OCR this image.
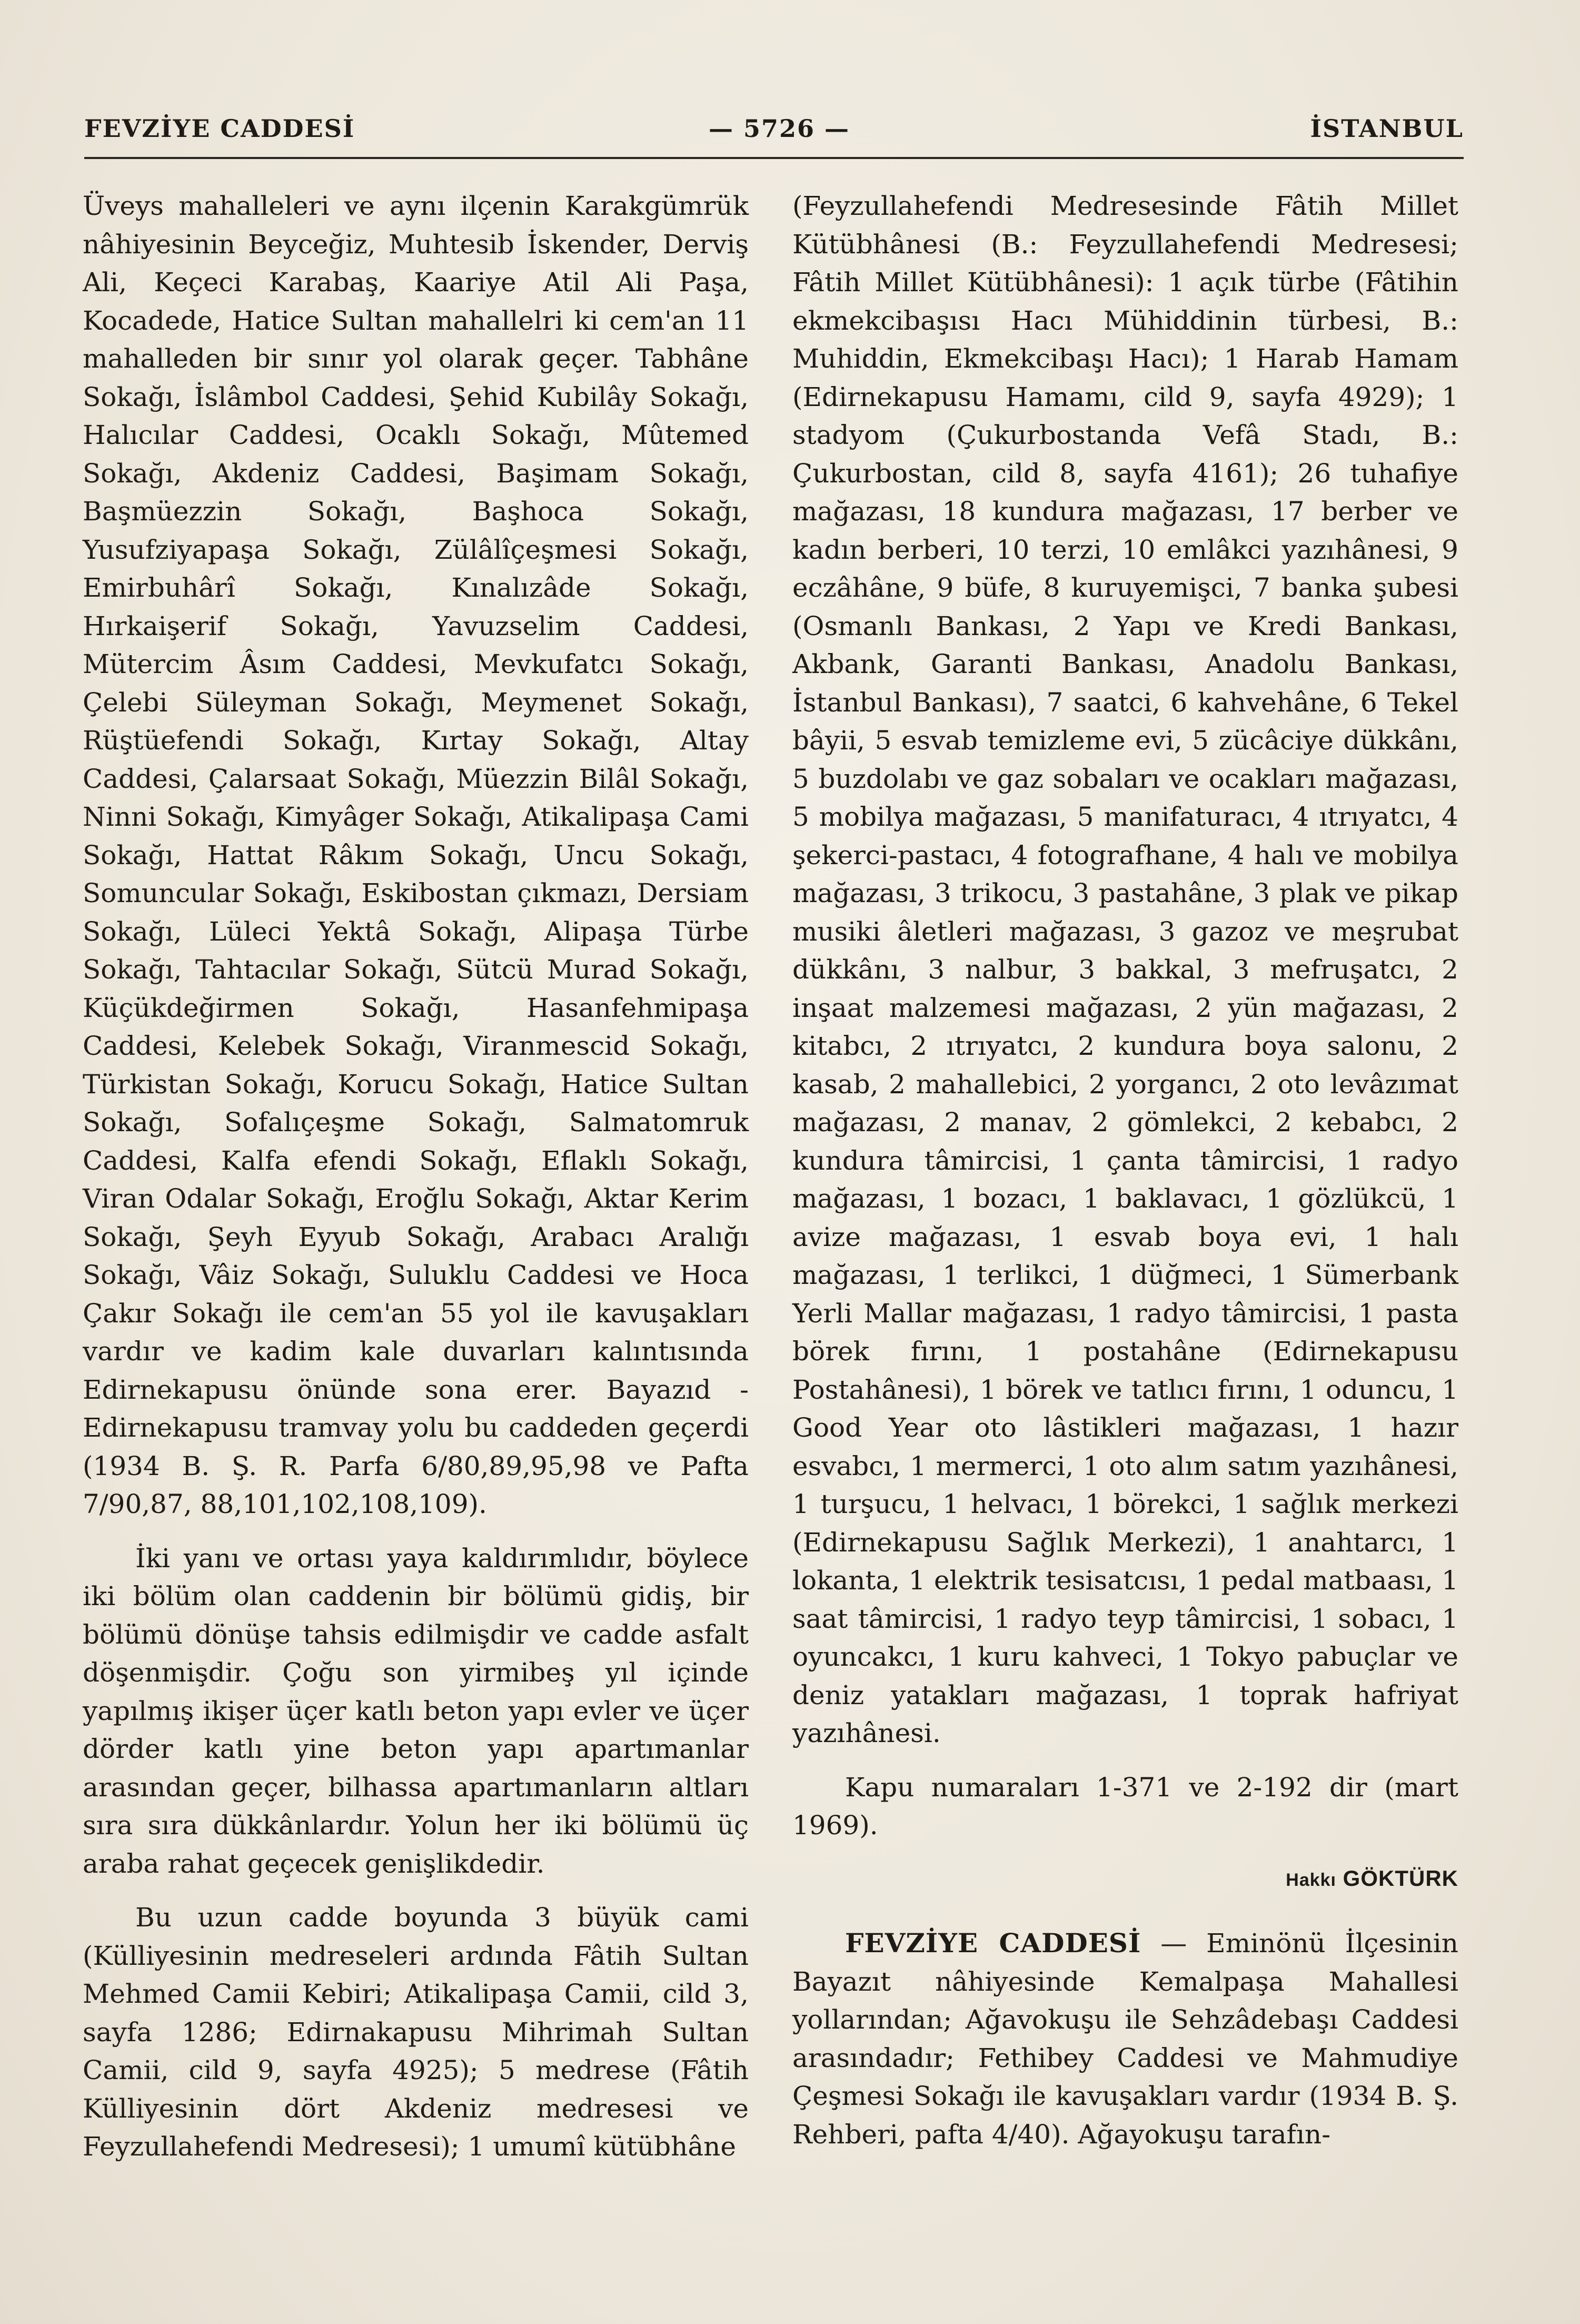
FEVZİYE CADDESİ	— 5726 —	İSTANBUL

Üveys mahalleleri ve aynı ilçenin Karakgümrük nâhiyesinin Beyceğiz, Muhtesib İskender, Derviş Ali, Keçeci Karabaş, Kaariye Atil Ali Paşa, Kocadede, Hatice Sultan mahallelri ki cem'an 11 mahalleden bir sınır yol olarak geçer. Tabhâne Sokağı, İslâmbol Caddesi, Şehid Kubilây Sokağı, Halıcılar Caddesi, Ocaklı Sokağı, Mûtemed Sokağı, Akdeniz Caddesi, Başimam Sokağı, Başmüezzin Sokağı, Başhoca Sokağı, Yusufziyapaşa Sokağı, Zülâlîçeşmesi Sokağı, Emirbuhârî Sokağı, Kınalızâde Sokağı, Hırkaişerif Sokağı, Yavuzselim Caddesi, Mütercim Âsım Caddesi, Mevkufatcı Sokağı, Çelebi Süleyman Sokağı, Meymenet Sokağı, Rüştüefendi Sokağı, Kırtay Sokağı, Altay Caddesi, Çalarsaat Sokağı, Müezzin Bilâl Sokağı, Ninni Sokağı, Kimyâger Sokağı, Atikalipaşa Cami Sokağı, Hattat Râkım Sokağı, Uncu Sokağı, Somuncular Sokağı, Eskibostan çıkmazı, Dersiam Sokağı, Lüleci Yektâ Sokağı, Alipaşa Türbe Sokağı, Tahtacılar Sokağı, Sütcü Murad Sokağı, Küçükdeğirmen Sokağı, Hasanfehmipaşa Caddesi, Kelebek Sokağı, Viranmescid Sokağı, Türkistan Sokağı, Korucu Sokağı, Hatice Sultan Sokağı, Sofalıçeşme Sokağı, Salmatomruk Caddesi, Kalfa efendi Sokağı, Eflaklı Sokağı, Viran Odalar Sokağı, Eroğlu Sokağı, Aktar Kerim Sokağı, Şeyh Eyyub Sokağı, Arabacı Aralığı Sokağı, Vâiz Sokağı, Suluklu Caddesi ve Hoca Çakır Sokağı ile cem'an 55 yol ile kavuşakları vardır ve kadim kale duvarları kalıntısında Edirnekapusu önünde sona erer. Bayazıd - Edirnekapusu tramvay yolu bu caddeden geçerdi (1934 B. Ş. R. Parfa 6/80,89,95,98 ve Pafta 7/90,87, 88,101,102,108,109).

İki yanı ve ortası yaya kaldırımlıdır, böylece iki bölüm olan caddenin bir bölümü gidiş, bir bölümü dönüşe tahsis edilmişdir ve cadde asfalt döşenmişdir. Çoğu son yirmibeş yıl içinde yapılmış ikişer üçer katlı beton yapı evler ve üçer dörder katlı yine beton yapı apartımanlar arasından geçer, bilhassa apartımanların altları sıra sıra dükkânlardır. Yolun her iki bölümü üç araba rahat geçecek genişlikdedir.

Bu uzun cadde boyunda 3 büyük cami (Külliyesinin medreseleri ardında Fâtih Sultan Mehmed Camii Kebiri; Atikalipaşa Camii, cild 3, sayfa 1286; Edirnakapusu Mihrimah Sultan Camii, cild 9, sayfa 4925); 5 medrese (Fâtih Külliyesinin dört Akdeniz medresesi ve Feyzullahefendi Medresesi); 1 umumî kütübhâne

(Feyzullahefendi Medresesinde Fâtih Millet Kütübhânesi (B.: Feyzullahefendi Medresesi; Fâtih Millet Kütübhânesi): 1 açık türbe (Fâtihin ekmekcibaşısı Hacı Mühiddinin türbesi, B.: Muhiddin, Ekmekcibaşı Hacı); 1 Harab Hamam (Edirnekapusu Hamamı, cild 9, sayfa 4929); 1 stadyom (Çukurbostanda Vefâ Stadı, B.: Çukurbostan, cild 8, sayfa 4161); 26 tuhafiye mağazası, 18 kundura mağazası, 17 berber ve kadın berberi, 10 terzi, 10 emlâkci yazıhânesi, 9 eczâhâne, 9 büfe, 8 kuruyemişci, 7 banka şubesi (Osmanlı Bankası, 2 Yapı ve Kredi Bankası, Akbank, Garanti Bankası, Anadolu Bankası, İstanbul Bankası), 7 saatci, 6 kahvehâne, 6 Tekel bâyii, 5 esvab temizleme evi, 5 zücâciye dükkânı, 5 buzdolabı ve gaz sobaları ve ocakları mağazası, 5 mobilya mağazası, 5 manifaturacı, 4 ıtrıyatcı, 4 şekerci-pastacı, 4 fotografhane, 4 halı ve mobilya mağazası, 3 trikocu, 3 pastahâne, 3 plak ve pikap musiki âletleri mağazası, 3 gazoz ve meşrubat dükkânı, 3 nalbur, 3 bakkal, 3 mefruşatcı, 2 inşaat malzemesi mağazası, 2 yün mağazası, 2 kitabcı, 2 ıtrıyatcı, 2 kundura boya salonu, 2 kasab, 2 mahallebici, 2 yorgancı, 2 oto levâzımat mağazası, 2 manav, 2 gömlekci, 2 kebabcı, 2 kundura tâmircisi, 1 çanta tâmircisi, 1 radyo mağazası, 1 bozacı, 1 baklavacı, 1 gözlükcü, 1 avize mağazası, 1 esvab boya evi, 1 halı mağazası, 1 terlikci, 1 düğmeci, 1 Sümerbank Yerli Mallar mağazası, 1 radyo tâmircisi, 1 pasta börek fırını, 1 postahâne (Edirnekapusu Postahânesi), 1 börek ve tatlıcı fırını, 1 oduncu, 1 Good Year oto lâstikleri mağazası, 1 hazır esvabcı, 1 mermerci, 1 oto alım satım yazıhânesi, 1 turşucu, 1 helvacı, 1 börekci, 1 sağlık merkezi (Edirnekapusu Sağlık Merkezi), 1 anahtarcı, 1 lokanta, 1 elektrik tesisatcısı, 1 pedal matbaası, 1 saat tâmircisi, 1 radyo teyp tâmircisi, 1 sobacı, 1 oyuncakcı, 1 kuru kahveci, 1 Tokyo pabuçlar ve deniz yatakları mağazası, 1 toprak hafriyat yazıhânesi.

Kapu numaraları 1-371 ve 2-192 dir (mart 1969).

Hakkı GÖKTÜRK

FEVZİYE CADDESİ — Eminönü İlçesinin Bayazıt nâhiyesinde Kemalpaşa Mahallesi yollarından; Ağavokuşu ile Sehzâdebaşı Caddesi arasındadır; Fethibey Caddesi ve Mahmudiye Çeşmesi Sokağı ile kavuşakları vardır (1934 B. Ş. Rehberi, pafta 4/40). Ağayokuşu tarafın-
